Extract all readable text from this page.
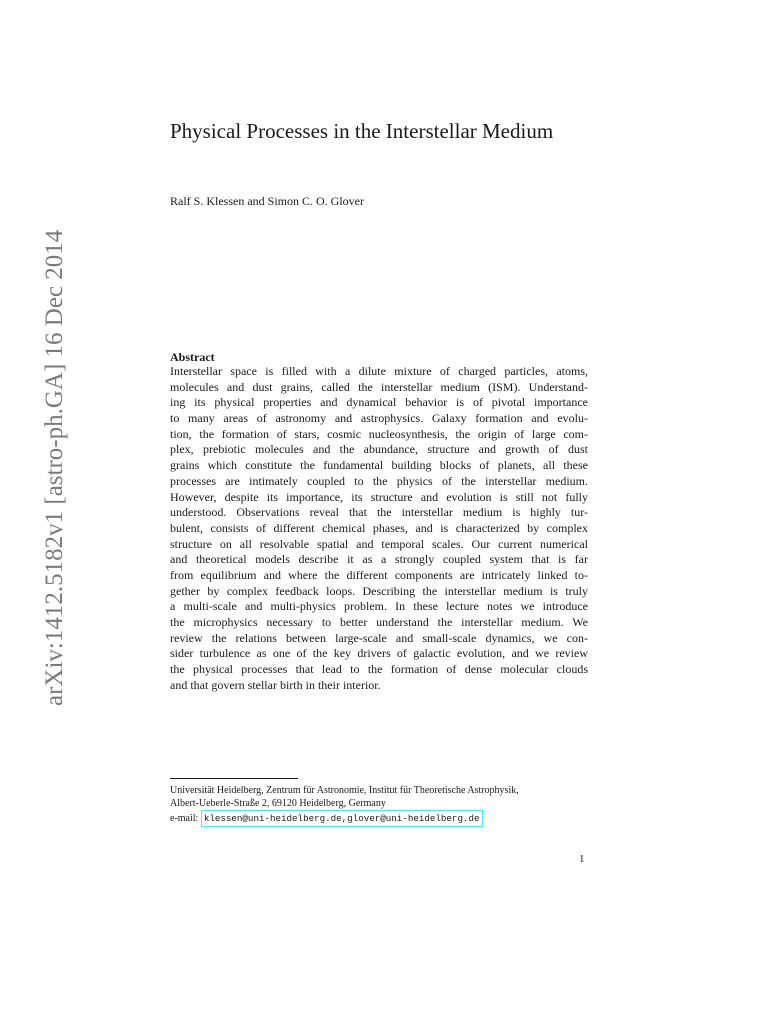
arXiv:1412.5182v1 [astro-ph.GA] 16 Dec 2014
Physical Processes in the Interstellar Medium
Ralf S. Klessen and Simon C. O. Glover
Abstract
Interstellar space is filled with a dilute mixture of charged particles, atoms,
molecules and dust grains, called the interstellar medium (ISM). Understand-
ing its physical properties and dynamical behavior is of pivotal importance
to many areas of astronomy and astrophysics. Galaxy formation and evolu-
tion, the formation of stars, cosmic nucleosynthesis, the origin of large com-
plex, prebiotic molecules and the abundance, structure and growth of dust
grains which constitute the fundamental building blocks of planets, all these
processes are intimately coupled to the physics of the interstellar medium.
However, despite its importance, its structure and evolution is still not fully
understood. Observations reveal that the interstellar medium is highly tur-
bulent, consists of different chemical phases, and is characterized by complex
structure on all resolvable spatial and temporal scales. Our current numerical
and theoretical models describe it as a strongly coupled system that is far
from equilibrium and where the different components are intricately linked to-
gether by complex feedback loops. Describing the interstellar medium is truly
a multi-scale and multi-physics problem. In these lecture notes we introduce
the microphysics necessary to better understand the interstellar medium. We
review the relations between large-scale and small-scale dynamics, we con-
sider turbulence as one of the key drivers of galactic evolution, and we review
the physical processes that lead to the formation of dense molecular clouds
and that govern stellar birth in their interior.
Universität Heidelberg, Zentrum für Astronomie, Institut für Theoretische Astrophysik,
Albert-Ueberle-Straße 2, 69120 Heidelberg, Germany
e-mail: klessen@uni-heidelberg.de,glover@uni-heidelberg.de
1
